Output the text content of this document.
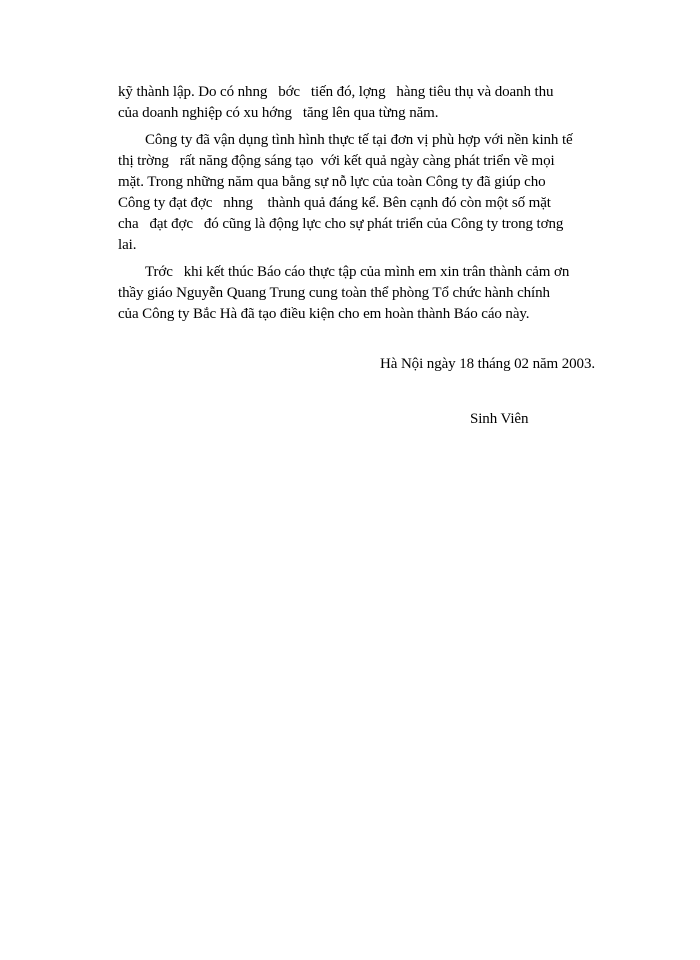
kỹ thành lập. Do có nhng   bớc   tiến đó, lợng   hàng tiêu thụ và doanh thu
của doanh nghiệp có xu hớng   tăng lên qua từng năm.
Công ty đã vận dụng tình hình thực tế tại đơn vị phù hợp với nền kinh tế
thị trờng   rất năng động sáng tạo  với kết quả ngày càng phát triển về mọi
mặt. Trong những năm qua bằng sự nỗ lực của toàn Công ty đã giúp cho
Công ty đạt đợc   nhng    thành quả đáng kể. Bên cạnh đó còn một số mặt
cha   đạt đợc   đó cũng là động lực cho sự phát triển của Công ty trong tơng
lai.
Trớc   khi kết thúc Báo cáo thực tập của mình em xin trân thành cảm ơn
thầy giáo Nguyễn Quang Trung cung toàn thể phòng Tổ chức hành chính
của Công ty Bắc Hà đã tạo điều kiện cho em hoàn thành Báo cáo này.
Hà Nội ngày 18 tháng 02 năm 2003.
Sinh Viên
